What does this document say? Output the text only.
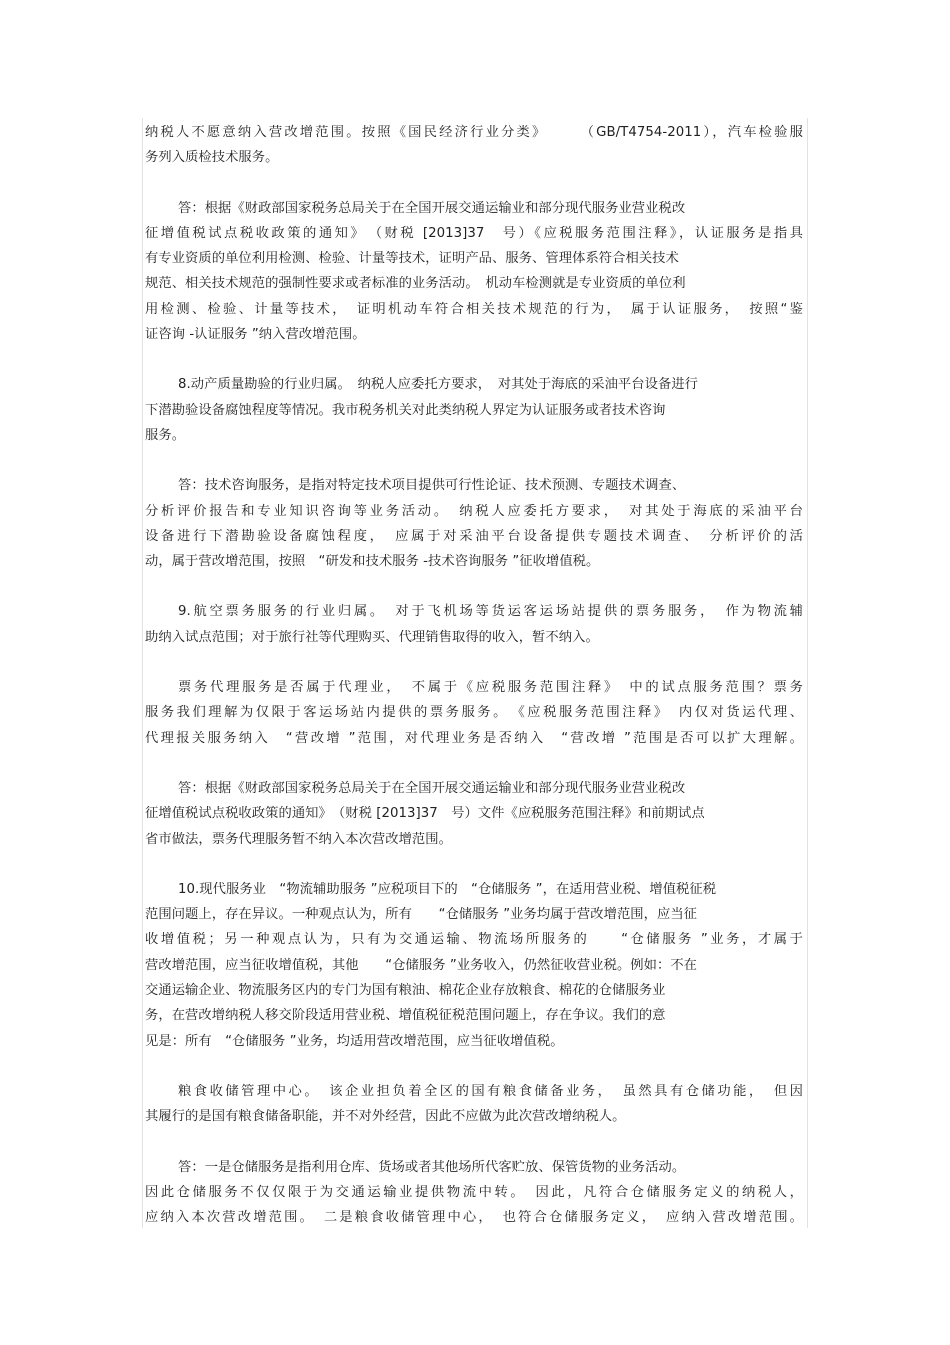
纳税人不愿意纳入营改增范围。按照《国民经济行业分类》　　　（GB/T4754-2011），汽车检验服
务列入质检技术服务。
答：根据《财政部国家税务总局关于在全国开展交通运输业和部分现代服务业营业税改
征增值税试点税收政策的通知》　（财税 [2013]37　号）《应税服务范围注释》，认证服务是指具
有专业资质的单位利用检测、检验、计量等技术，证明产品、服务、管理体系符合相关技术
规范、相关技术规范的强制性要求或者标准的业务活动。　机动车检测就是专业资质的单位利
用检测、检验、计量等技术，　证明机动车符合相关技术规范的行为，　属于认证服务，　按照“鉴
证咨询 -认证服务 ”纳入营改增范围。
8.动产质量勘验的行业归属。　纳税人应委托方要求，　对其处于海底的采油平台设备进行
下潜勘验设备腐蚀程度等情况。我市税务机关对此类纳税人界定为认证服务或者技术咨询
服务。
答：技术咨询服务，是指对特定技术项目提供可行性论证、技术预测、专题技术调查、
分析评价报告和专业知识咨询等业务活动。　纳税人应委托方要求，　对其处于海底的采油平台
设备进行下潜勘验设备腐蚀程度，　应属于对采油平台设备提供专题技术调查、　分析评价的活
动，属于营改增范围，按照　“研发和技术服务 -技术咨询服务 ”征收增值税。
9.航空票务服务的行业归属。　对于飞机场等货运客运场站提供的票务服务，　作为物流辅
助纳入试点范围；对于旅行社等代理购买、代理销售取得的收入，暂不纳入。
票务代理服务是否属于代理业，　不属于《应税服务范围注释》　中的试点服务范围？票务
服务我们理解为仅限于客运场站内提供的票务服务。　《应税服务范围注释》　内仅对货运代理、
代理报关服务纳入　“营改增 ”范围，对代理业务是否纳入　“营改增 ”范围是否可以扩大理解。
答：根据《财政部国家税务总局关于在全国开展交通运输业和部分现代服务业营业税改
征增值税试点税收政策的通知》　（财税 [2013]37　号）文件《应税服务范围注释》和前期试点
省市做法，票务代理服务暂不纳入本次营改增范围。
10.现代服务业　“物流辅助服务 ”应税项目下的　“仓储服务 ”，在适用营业税、增值税征税
范围问题上，存在异议。一种观点认为，所有　　“仓储服务 ”业务均属于营改增范围，应当征
收增值税；另一种观点认为，只有为交通运输、物流场所服务的　　“仓储服务 ”业务，才属于
营改增范围，应当征收增值税，其他　　“仓储服务 ”业务收入，仍然征收营业税。例如：不在
交通运输企业、物流服务区内的专门为国有粮油、棉花企业存放粮食、棉花的仓储服务业
务，在营改增纳税人移交阶段适用营业税、增值税征税范围问题上，存在争议。我们的意
见是：所有　“仓储服务 ”业务，均适用营改增范围，应当征收增值税。
粮食收储管理中心。　该企业担负着全区的国有粮食储备业务，　虽然具有仓储功能，　但因
其履行的是国有粮食储备职能，并不对外经营，因此不应做为此次营改增纳税人。
答：一是仓储服务是指利用仓库、货场或者其他场所代客贮放、保管货物的业务活动。
因此仓储服务不仅仅限于为交通运输业提供物流中转。　因此，凡符合仓储服务定义的纳税人，
应纳入本次营改增范围。　二是粮食收储管理中心，　也符合仓储服务定义，　应纳入营改增范围。
